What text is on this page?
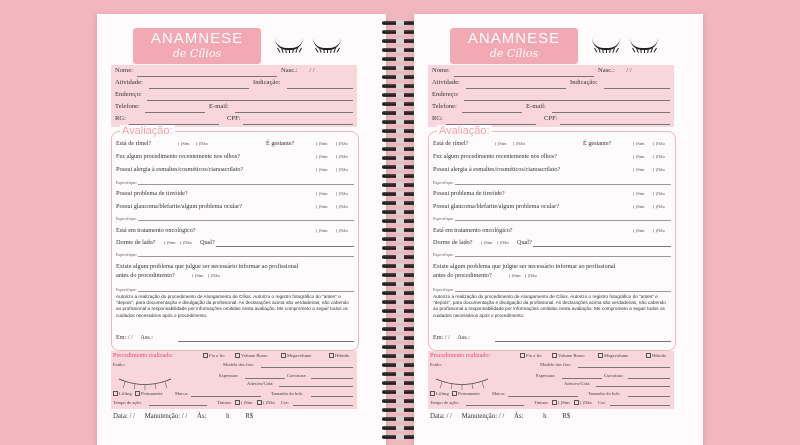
ANAMNESE
de Cílios
Nome:	Nasc.: / /
Atividade:	Indicação:
Endereço:
Telefone:	E-mail:
RG:	CPF:
Avaliação:
Está de rímel?	( )Sim ( )Não	É gestante?	( )Sim ( )Não
Fez algum procedimento recentemente nos olhos?	( )Sim ( )Não
Possui alergia à esmaltes/cosméticos/cianoacrilato?	( )Sim ( )Não
Especifique:
Possui problema de tireóide?	( )Sim ( )Não
Possui glaucoma/blefarite/algum problema ocular?	( )Sim ( )Não
Especifique:
Está em tratamento oncológico?	( )Sim ( )Não
Dorme de lado? ( )Sim ( )Não Qual?
Especifique:
Existe algum problema que julgue ser necessário informar ao profissional
antes do procedimento?	( )Sim ( )Não
Especifique:
Autorizo a realização do procedimento de Alongamento de Cílios. Autorizo o registro fotográfico do "antes" e "depois", para documentação e divulgação da profissional. As declarações acima são verdadeiras, não cabendo ao profissional a responsabilidade por informações omitidas nesta avaliação. Me comprometo a seguir todos os cuidados necessários após o procedimento.
Em: / / Ass.:
Procedimento realizado:	Fio a fio	Volume Russo	Megavolume	Híbrido
Estilo:	Modelo dos fios:
Espessura:	Curvatura:
Adesivo/Cola:
Lifting	Permanente	Marca:	Tamanho do bob:
Tempo de ação:	Tintura:	( )Sim	( )Não Cor:
Data: / / Manutenção: / / Às:	h R$
ANAMNESE
de Cílios
Nome:	Nasc.: / /
Atividade:	Indicação:
Endereço:
Telefone:	E-mail:
RG:	CPF:
Avaliação:
Está de rímel?	( )Sim ( )Não	É gestante?	( )Sim ( )Não
Fez algum procedimento recentemente nos olhos?	( )Sim ( )Não
Possui alergia à esmaltes/cosméticos/cianoacrilato?	( )Sim ( )Não
Especifique:
Possui problema de tireóide?	( )Sim ( )Não
Possui glaucoma/blefarite/algum problema ocular?	( )Sim ( )Não
Especifique:
Está em tratamento oncológico?	( )Sim ( )Não
Dorme de lado? ( )Sim ( )Não Qual?
Especifique:
Existe algum problema que julgue ser necessário informar ao profissional
antes do procedimento?	( )Sim ( )Não
Especifique:
Autorizo a realização do procedimento de Alongamento de Cílios. Autorizo o registro fotográfico do "antes" e "depois", para documentação e divulgação da profissional. As declarações acima são verdadeiras, não cabendo ao profissional a responsabilidade por informações omitidas nesta avaliação. Me comprometo a seguir todos os cuidados necessários após o procedimento.
Em: / / Ass.:
Procedimento realizado:	Fio a fio	Volume Russo	Megavolume	Híbrido
Estilo:	Modelo dos fios:
Espessura:	Curvatura:
Adesivo/Cola:
Lifting	Permanente	Marca:	Tamanho do bob:
Tempo de ação:	Tintura:	( )Sim	( )Não Cor:
Data: / / Manutenção: / / Às:	h R$
